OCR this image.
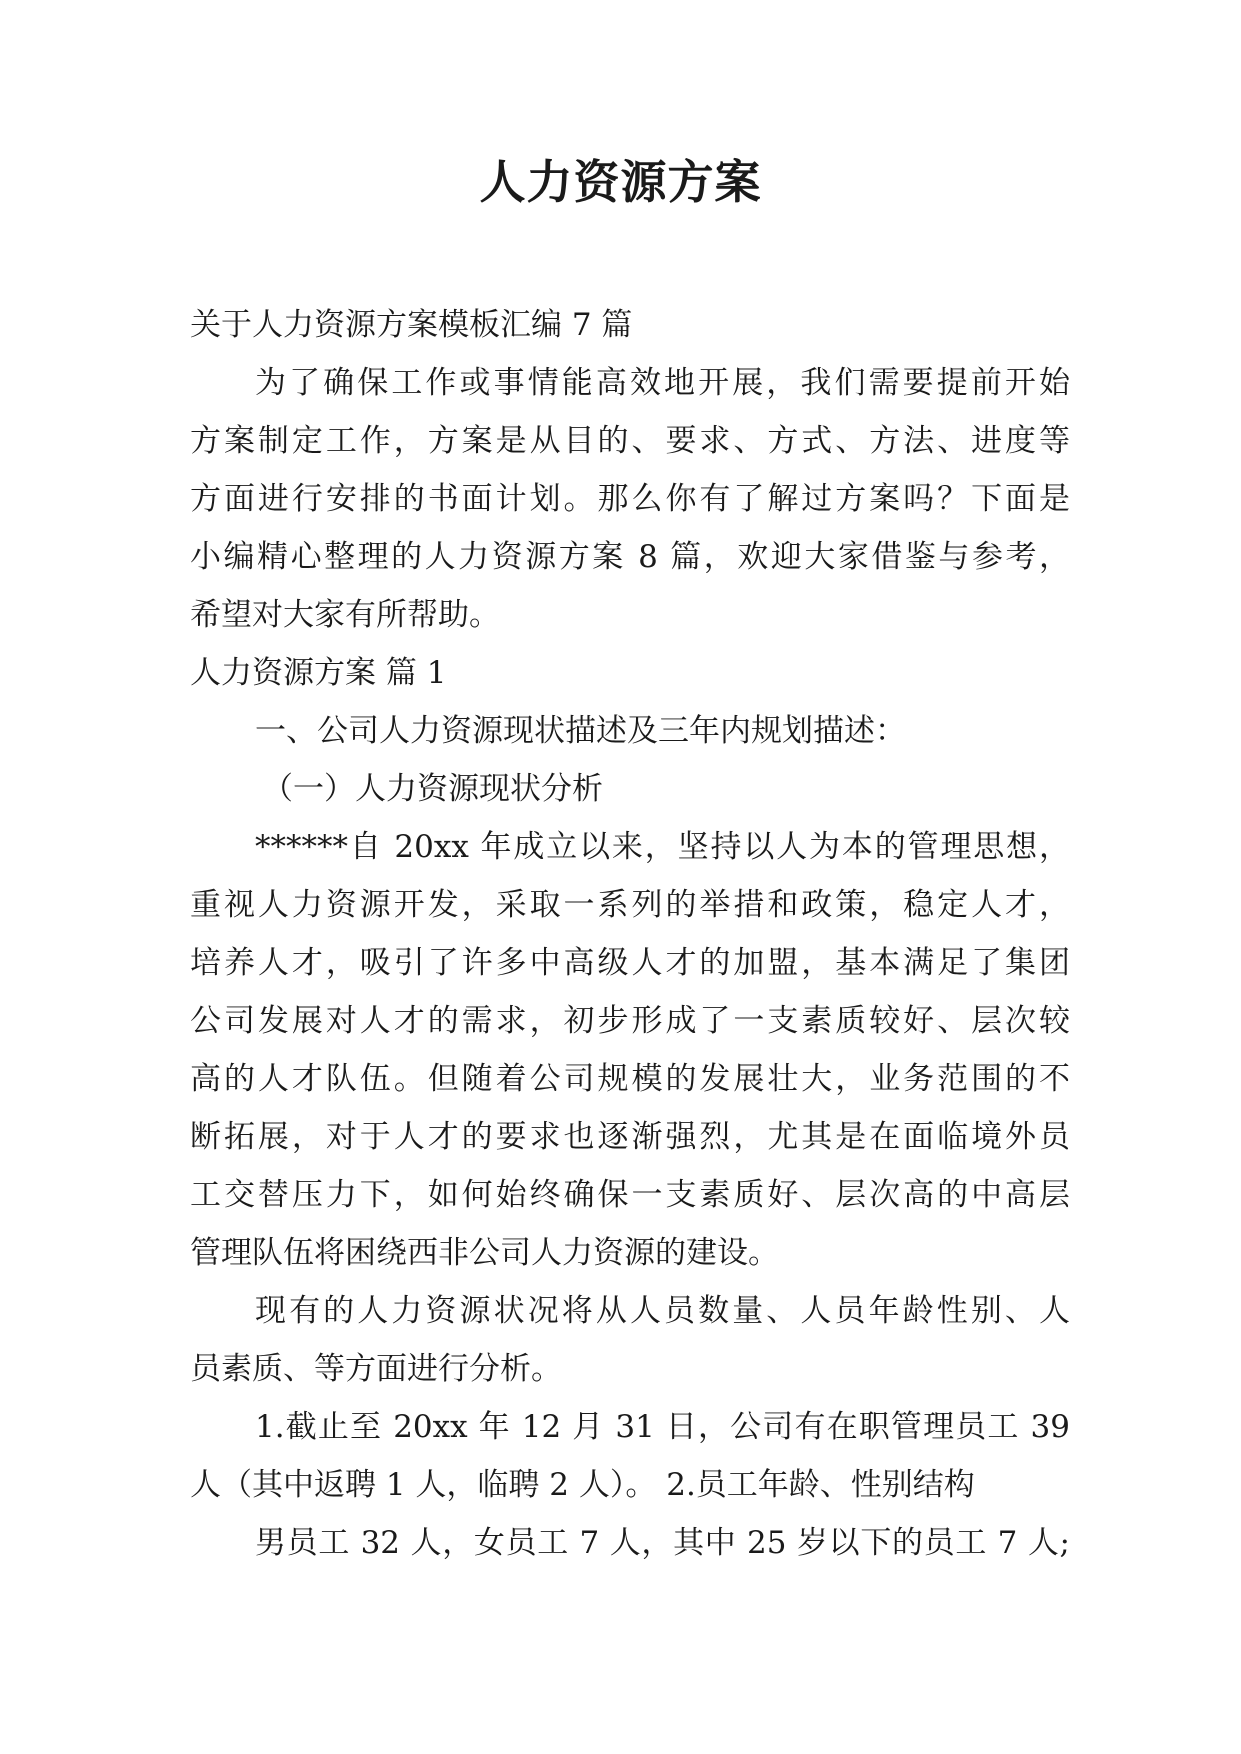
人力资源方案
关于人力资源方案模板汇编 7 篇
为了确保工作或事情能高效地开展，我们需要提前开始
方案制定工作，方案是从目的、要求、方式、方法、进度等
方面进行安排的书面计划。那么你有了解过方案吗？下面是
小编精心整理的人力资源方案 8 篇，欢迎大家借鉴与参考，
希望对大家有所帮助。
人力资源方案 篇 1
一、公司人力资源现状描述及三年内规划描述：
（一）人力资源现状分析
******自 20xx 年成立以来，坚持以人为本的管理思想，
重视人力资源开发，采取一系列的举措和政策，稳定人才，
培养人才，吸引了许多中高级人才的加盟，基本满足了集团
公司发展对人才的需求，初步形成了一支素质较好、层次较
高的人才队伍。但随着公司规模的发展壮大，业务范围的不
断拓展，对于人才的要求也逐渐强烈，尤其是在面临境外员
工交替压力下，如何始终确保一支素质好、层次高的中高层
管理队伍将困绕西非公司人力资源的建设。
现有的人力资源状况将从人员数量、人员年龄性别、人
员素质、等方面进行分析。
1.截止至 20xx 年 12 月 31 日，公司有在职管理员工 39
人（其中返聘 1 人，临聘 2 人）。 2.员工年龄、性别结构
男员工 32 人，女员工 7 人，其中 25 岁以下的员工 7 人;
